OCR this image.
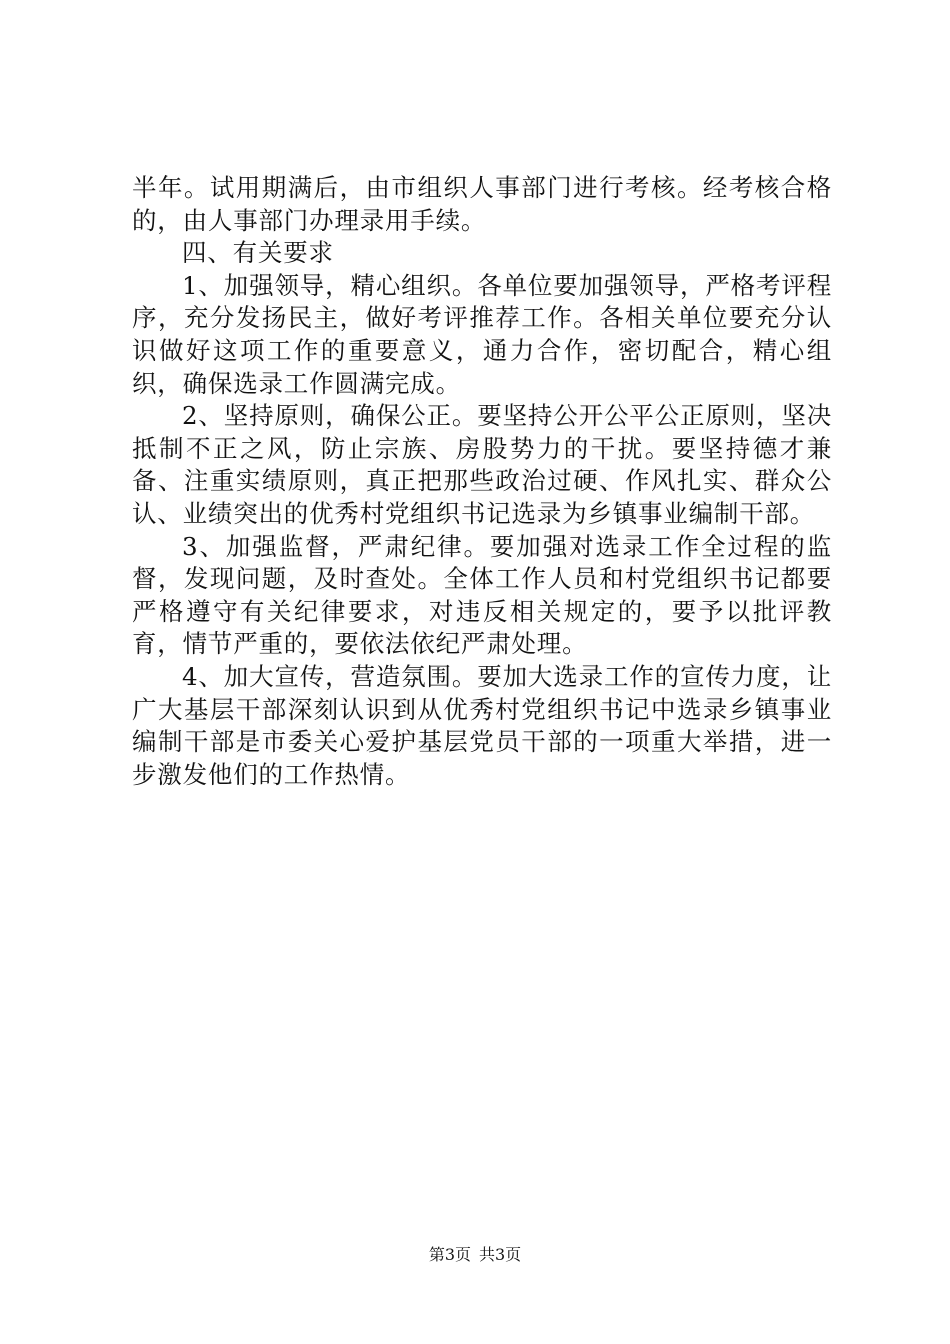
半年。试用期满后，由市组织人事部门进行考核。经考核合格的，由人事部门办理录用手续。

四、有关要求

1、加强领导，精心组织。各单位要加强领导，严格考评程序，充分发扬民主，做好考评推荐工作。各相关单位要充分认识做好这项工作的重要意义，通力合作，密切配合，精心组织，确保选录工作圆满完成。

2、坚持原则，确保公正。要坚持公开公平公正原则，坚决抵制不正之风，防止宗族、房股势力的干扰。要坚持德才兼备、注重实绩原则，真正把那些政治过硬、作风扎实、群众公认、业绩突出的优秀村党组织书记选录为乡镇事业编制干部。

3、加强监督，严肃纪律。要加强对选录工作全过程的监督，发现问题，及时查处。全体工作人员和村党组织书记都要严格遵守有关纪律要求，对违反相关规定的，要予以批评教育，情节严重的，要依法依纪严肃处理。

4、加大宣传，营造氛围。要加大选录工作的宣传力度，让广大基层干部深刻认识到从优秀村党组织书记中选录乡镇事业编制干部是市委关心爱护基层党员干部的一项重大举措，进一步激发他们的工作热情。

第3页 共3页
